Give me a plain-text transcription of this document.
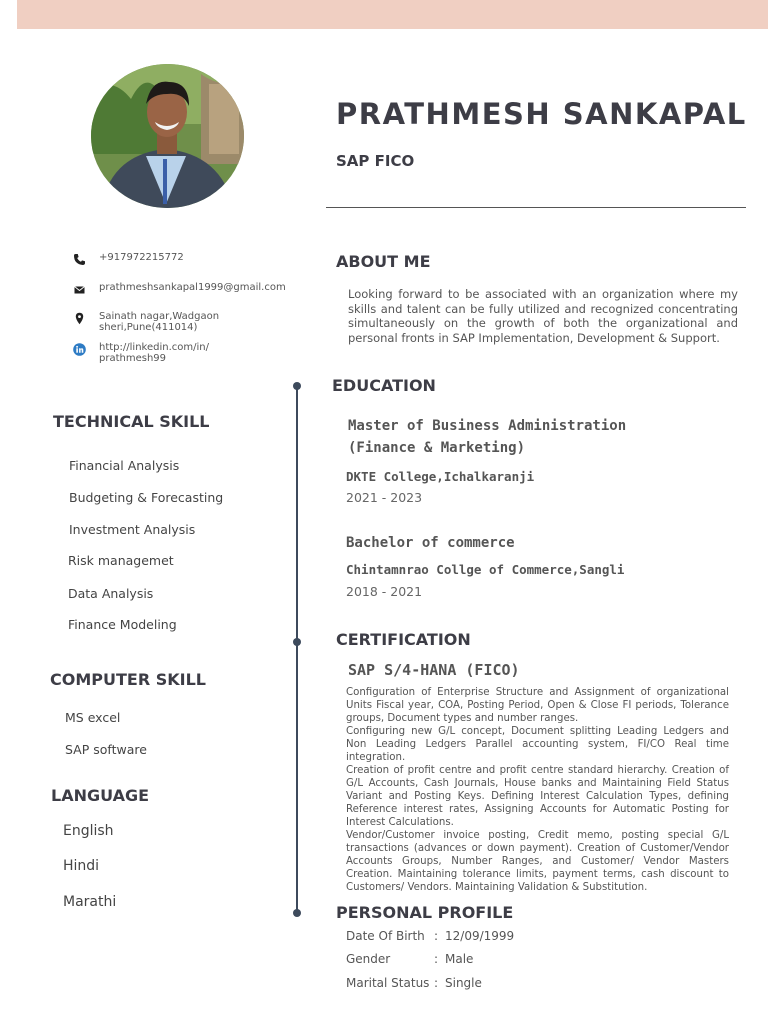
PRATHMESH SANKAPAL
SAP FICO
+917972215772
prathmeshsankapal1999@gmail.com
Sainath nagar,Wadgaon sheri,Pune(411014)
http://linkedin.com/in/ prathmesh99
TECHNICAL SKILL
Financial Analysis
Budgeting & Forecasting
Investment Analysis
Risk managemet
Data Analysis
Finance Modeling
COMPUTER SKILL
MS excel
SAP software
LANGUAGE
English
Hindi
Marathi
ABOUT ME
Looking forward to be associated with an organization where my skills and talent can be fully utilized and recognized concentrating simultaneously on the growth of both the organizational and personal fronts in SAP Implementation, Development & Support.
EDUCATION
Master of Business Administration
(Finance & Marketing)
DKTE College,Ichalkaranji
2021 - 2023
Bachelor of commerce
Chintamnrao Collge of Commerce,Sangli
2018 - 2021
CERTIFICATION
SAP S/4-HANA (FICO)
Configuration of Enterprise Structure and Assignment of organizational Units Fiscal year, COA, Posting Period, Open & Close FI periods, Tolerance groups, Document types and number ranges.
Configuring new G/L concept, Document splitting Leading Ledgers and Non Leading Ledgers Parallel accounting system, FI/CO Real time integration.
Creation of profit centre and profit centre standard hierarchy. Creation of G/L Accounts, Cash Journals, House banks and Maintaining Field Status Variant and Posting Keys. Defining Interest Calculation Types, defining Reference interest rates, Assigning Accounts for Automatic Posting for Interest Calculations.
Vendor/Customer invoice posting, Credit memo, posting special G/L transactions (advances or down payment). Creation of Customer/Vendor Accounts Groups, Number Ranges, and Customer/ Vendor Masters Creation. Maintaining tolerance limits, payment terms, cash discount to Customers/ Vendors. Maintaining Validation & Substitution.
PERSONAL PROFILE
Date Of Birth : 12/09/1999
Gender	: Male
Marital Status : Single
